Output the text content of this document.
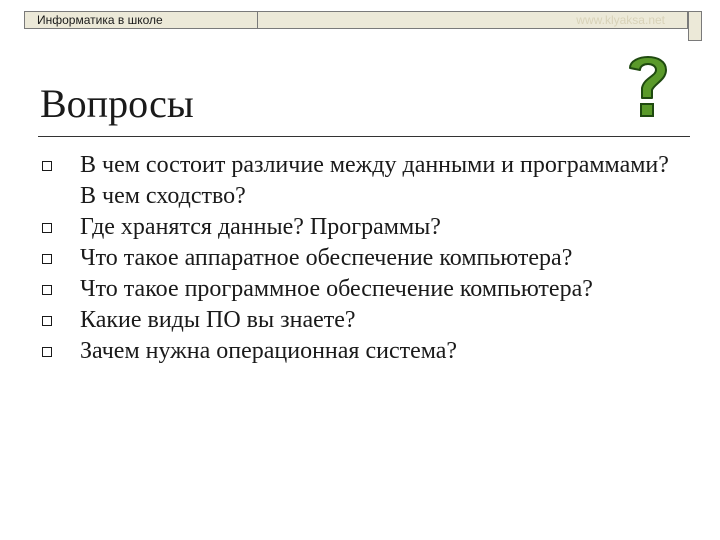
Информатика в школе	www.klyaksa.net
Вопросы
В чем состоит различие между данными и программами? В чем сходство?
Где хранятся данные? Программы?
Что такое аппаратное обеспечение компьютера?
Что такое программное обеспечение компьютера?
Какие виды ПО вы знаете?
Зачем нужна операционная система?
